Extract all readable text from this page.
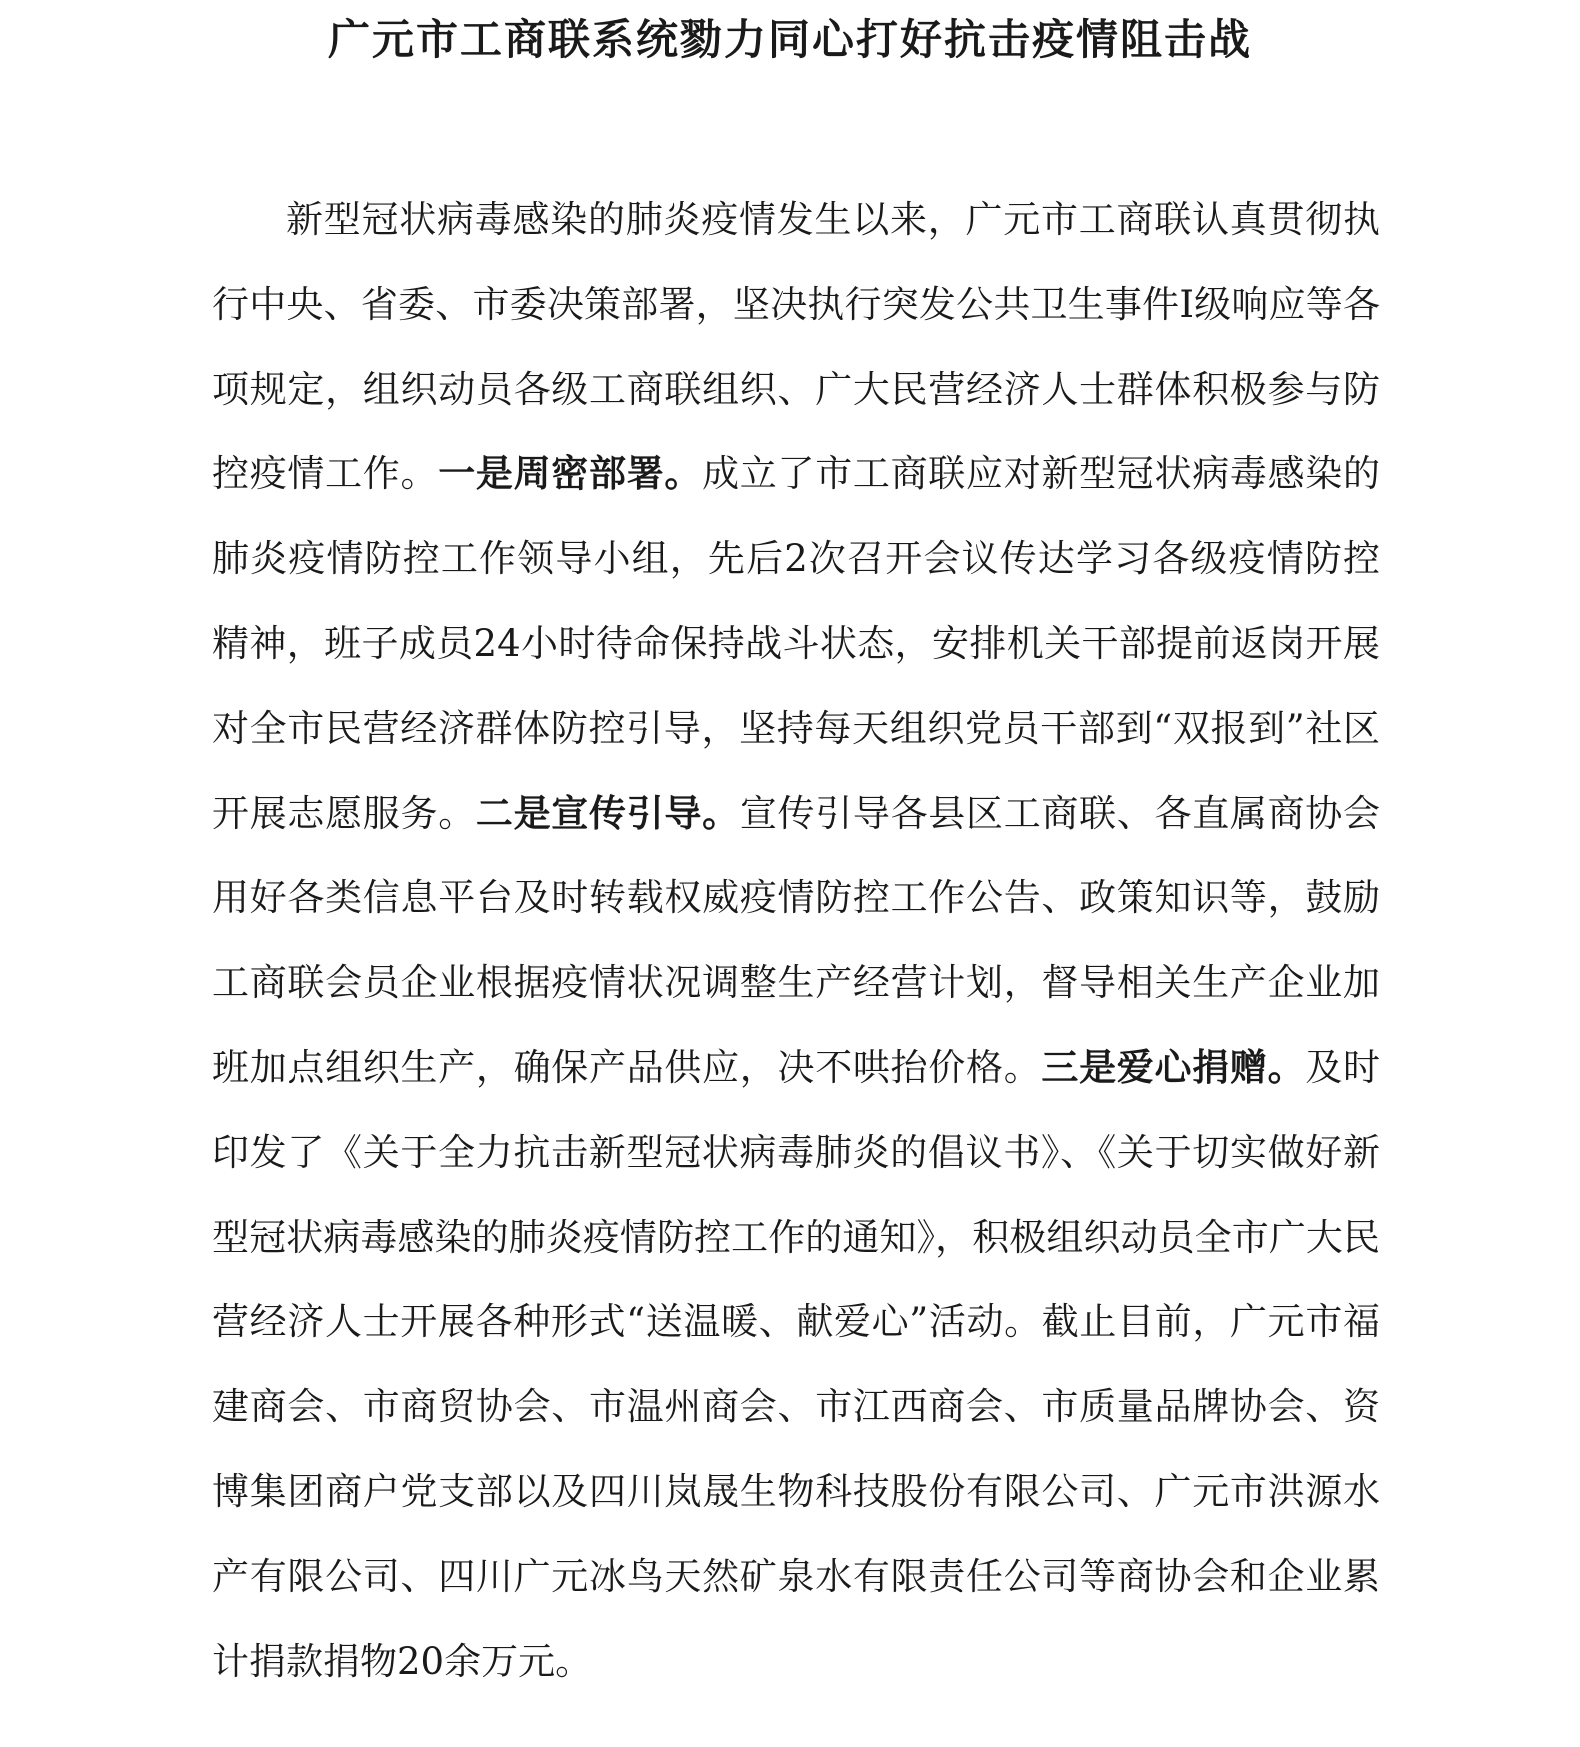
广元市工商联系统勠力同心打好抗击疫情阻击战

新型冠状病毒感染的肺炎疫情发生以来，广元市工商联认真贯彻执行中央、省委、市委决策部署，坚决执行突发公共卫生事件Ⅰ级响应等各项规定，组织动员各级工商联组织、广大民营经济人士群体积极参与防控疫情工作。一是周密部署。成立了市工商联应对新型冠状病毒感染的肺炎疫情防控工作领导小组，先后2次召开会议传达学习各级疫情防控精神，班子成员24小时待命保持战斗状态，安排机关干部提前返岗开展对全市民营经济群体防控引导，坚持每天组织党员干部到“双报到”社区开展志愿服务。二是宣传引导。宣传引导各县区工商联、各直属商协会用好各类信息平台及时转载权威疫情防控工作公告、政策知识等，鼓励工商联会员企业根据疫情状况调整生产经营计划，督导相关生产企业加班加点组织生产，确保产品供应，决不哄抬价格。三是爱心捐赠。及时印发了《关于全力抗击新型冠状病毒肺炎的倡议书》、《关于切实做好新型冠状病毒感染的肺炎疫情防控工作的通知》，积极组织动员全市广大民营经济人士开展各种形式“送温暖、献爱心”活动。截止目前，广元市福建商会、市商贸协会、市温州商会、市江西商会、市质量品牌协会、资博集团商户党支部以及四川岚晟生物科技股份有限公司、广元市洪源水产有限公司、四川广元冰鸟天然矿泉水有限责任公司等商协会和企业累计捐款捐物20余万元。
